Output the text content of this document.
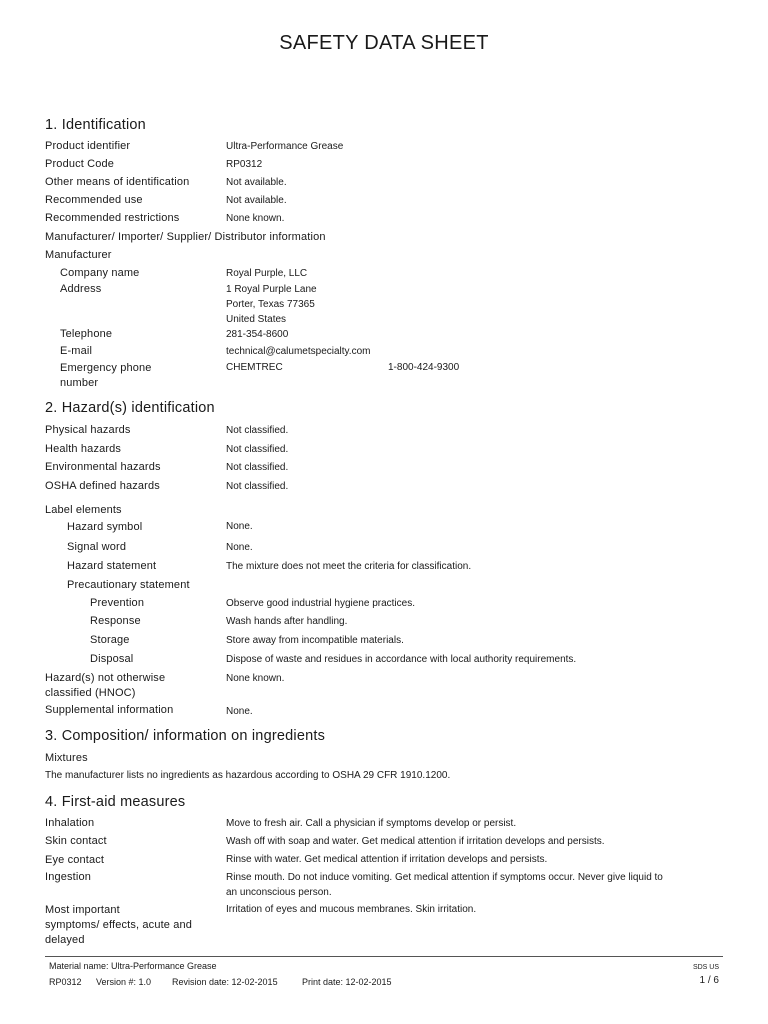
SAFETY DATA SHEET
1. Identification
Product identifier	Ultra-Performance Grease
Product Code	RP0312
Other means of identification	Not available.
Recommended use	Not available.
Recommended restrictions	None known.
Manufacturer/ Importer/ Supplier/ Distributor information
Manufacturer
Company name	Royal Purple, LLC
Address	1 Royal Purple Lane
Porter, Texas 77365
United States
Telephone	281-354-8600
E-mail	technical@calumetspecialty.com
Emergency phone
number
CHEMTREC	1-800-424-9300
2. Hazard(s) identification
Physical hazards	Not classified.
Health hazards	Not classified.
Environmental hazards	Not classified.
OSHA defined hazards	Not classified.
Label elements
Hazard symbol	None.
Signal word	None.
Hazard statement	The mixture does not meet the criteria for classification.
Precautionary statement
Prevention	Observe good industrial hygiene practices.
Response	Wash hands after handling.
Storage	Store away from incompatible materials.
Disposal	Dispose of waste and residues in accordance with local authority requirements.
Hazard(s) not otherwise
classified (HNOC)
None known.
Supplemental information	None.
3. Composition/ information on ingredients
Mixtures
The manufacturer lists no ingredients as hazardous according to OSHA 29 CFR 1910.1200.
4. First-aid measures
Inhalation	Move to fresh air. Call a physician if symptoms develop or persist.
Skin contact	Wash off with soap and water. Get medical attention if irritation develops and persists.
Eye contact	Rinse with water. Get medical attention if irritation develops and persists.
Ingestion	Rinse mouth. Do not induce vomiting. Get medical attention if symptoms occur. Never give liquid to
an unconscious person.
Most important
symptoms/ effects, acute and
delayed
Irritation of eyes and mucous membranes. Skin irritation.
Material name: Ultra-Performance Grease	SDS US
RP0312 Version #: 1.0 Revision date: 12-02-2015	Print date: 12-02-2015	1 / 6
